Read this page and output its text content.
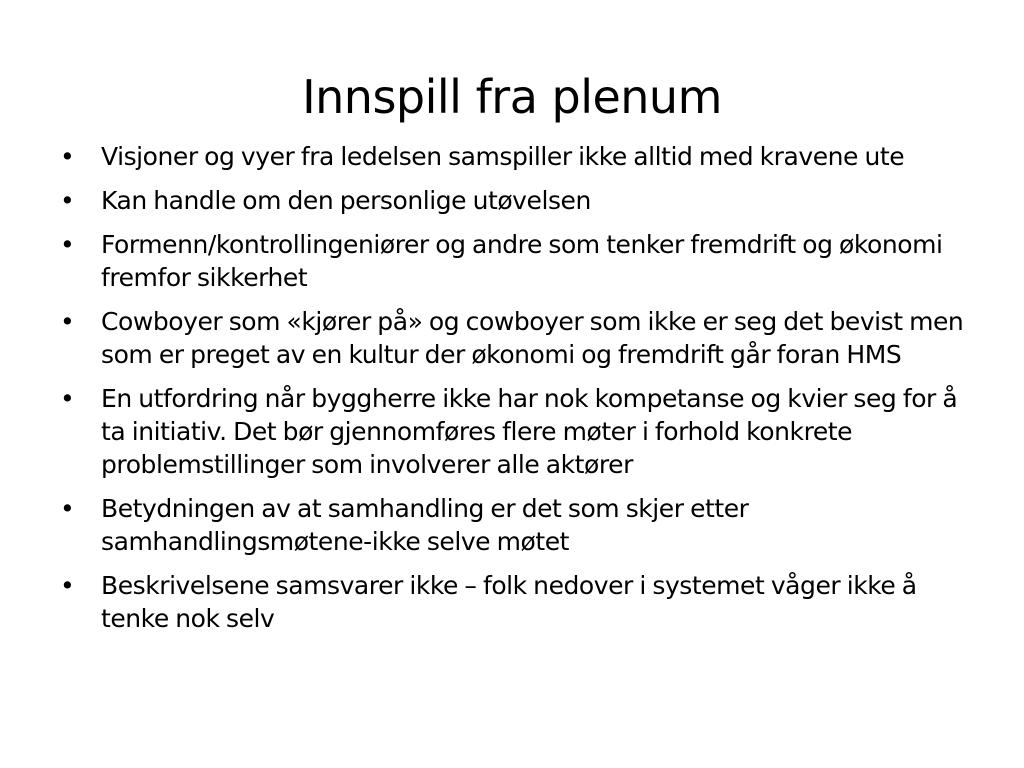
Innspill fra plenum
• Visjoner og vyer fra ledelsen samspiller ikke alltid med kravene ute
• Kan handle om den personlige utøvelsen
• Formenn/kontrollingeniører og andre som tenker fremdrift og økonomi fremfor sikkerhet
• Cowboyer som «kjører på» og cowboyer som ikke er seg det bevist men som er preget av en kultur der økonomi og fremdrift går foran HMS
• En utfordring når byggherre ikke har nok kompetanse og kvier seg for å ta initiativ. Det bør gjennomføres flere møter i forhold konkrete problemstillinger som involverer alle aktører
• Betydningen av at samhandling er det som skjer etter samhandlingsmøtene-ikke selve møtet
• Beskrivelsene samsvarer ikke – folk nedover i systemet våger ikke å tenke nok selv
